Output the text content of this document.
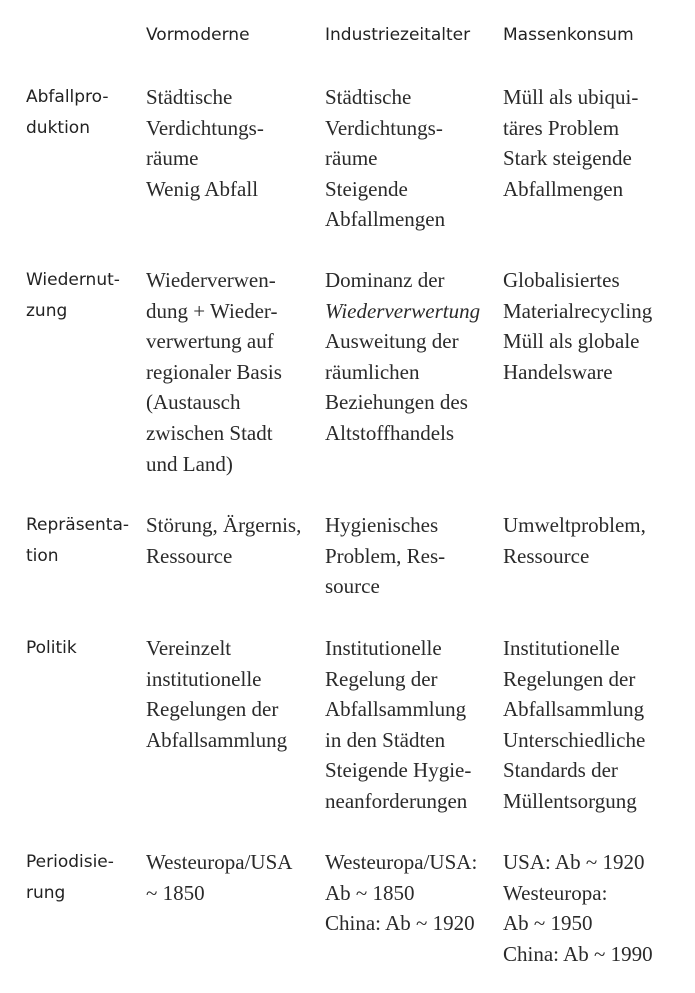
Vormoderne	Industriezeitalter Massenkonsum
Abfallpro-
duktion
Städtische
Verdichtungs-
räume
Wenig Abfall
Städtische
Verdichtungs-
räume
Steigende
Abfallmengen
Müll als ubiqui-
täres Problem
Stark steigende
Abfallmengen
Wiedernut-
zung
Wiederverwen-
dung + Wieder-
verwertung auf
regionaler Basis
(Austausch
zwischen Stadt
und Land)
Dominanz der
Wiederverwertung
Ausweitung der
räumlichen
Beziehungen des
Altstoffhandels
Globalisiertes
Materialrecycling
Müll als globale
Handelsware
Repräsenta-
tion
Störung, Ärgernis,
Ressource
Hygienisches
Problem, Res-
source
Umweltproblem,
Ressource
Politik	Vereinzelt
institutionelle
Regelungen der
Abfallsammlung
Institutionelle
Regelung der
Abfallsammlung
in den Städten
Steigende Hygie-
neanforderungen
Institutionelle
Regelungen der
Abfallsammlung
Unterschiedliche
Standards der
Müllentsorgung
Periodisie-
rung
Westeuropa/USA
~ 1850
Westeuropa/USA:
Ab ~ 1850
China: Ab ~ 1920
USA: Ab ~ 1920
Westeuropa:
Ab ~ 1950
China: Ab ~ 1990
